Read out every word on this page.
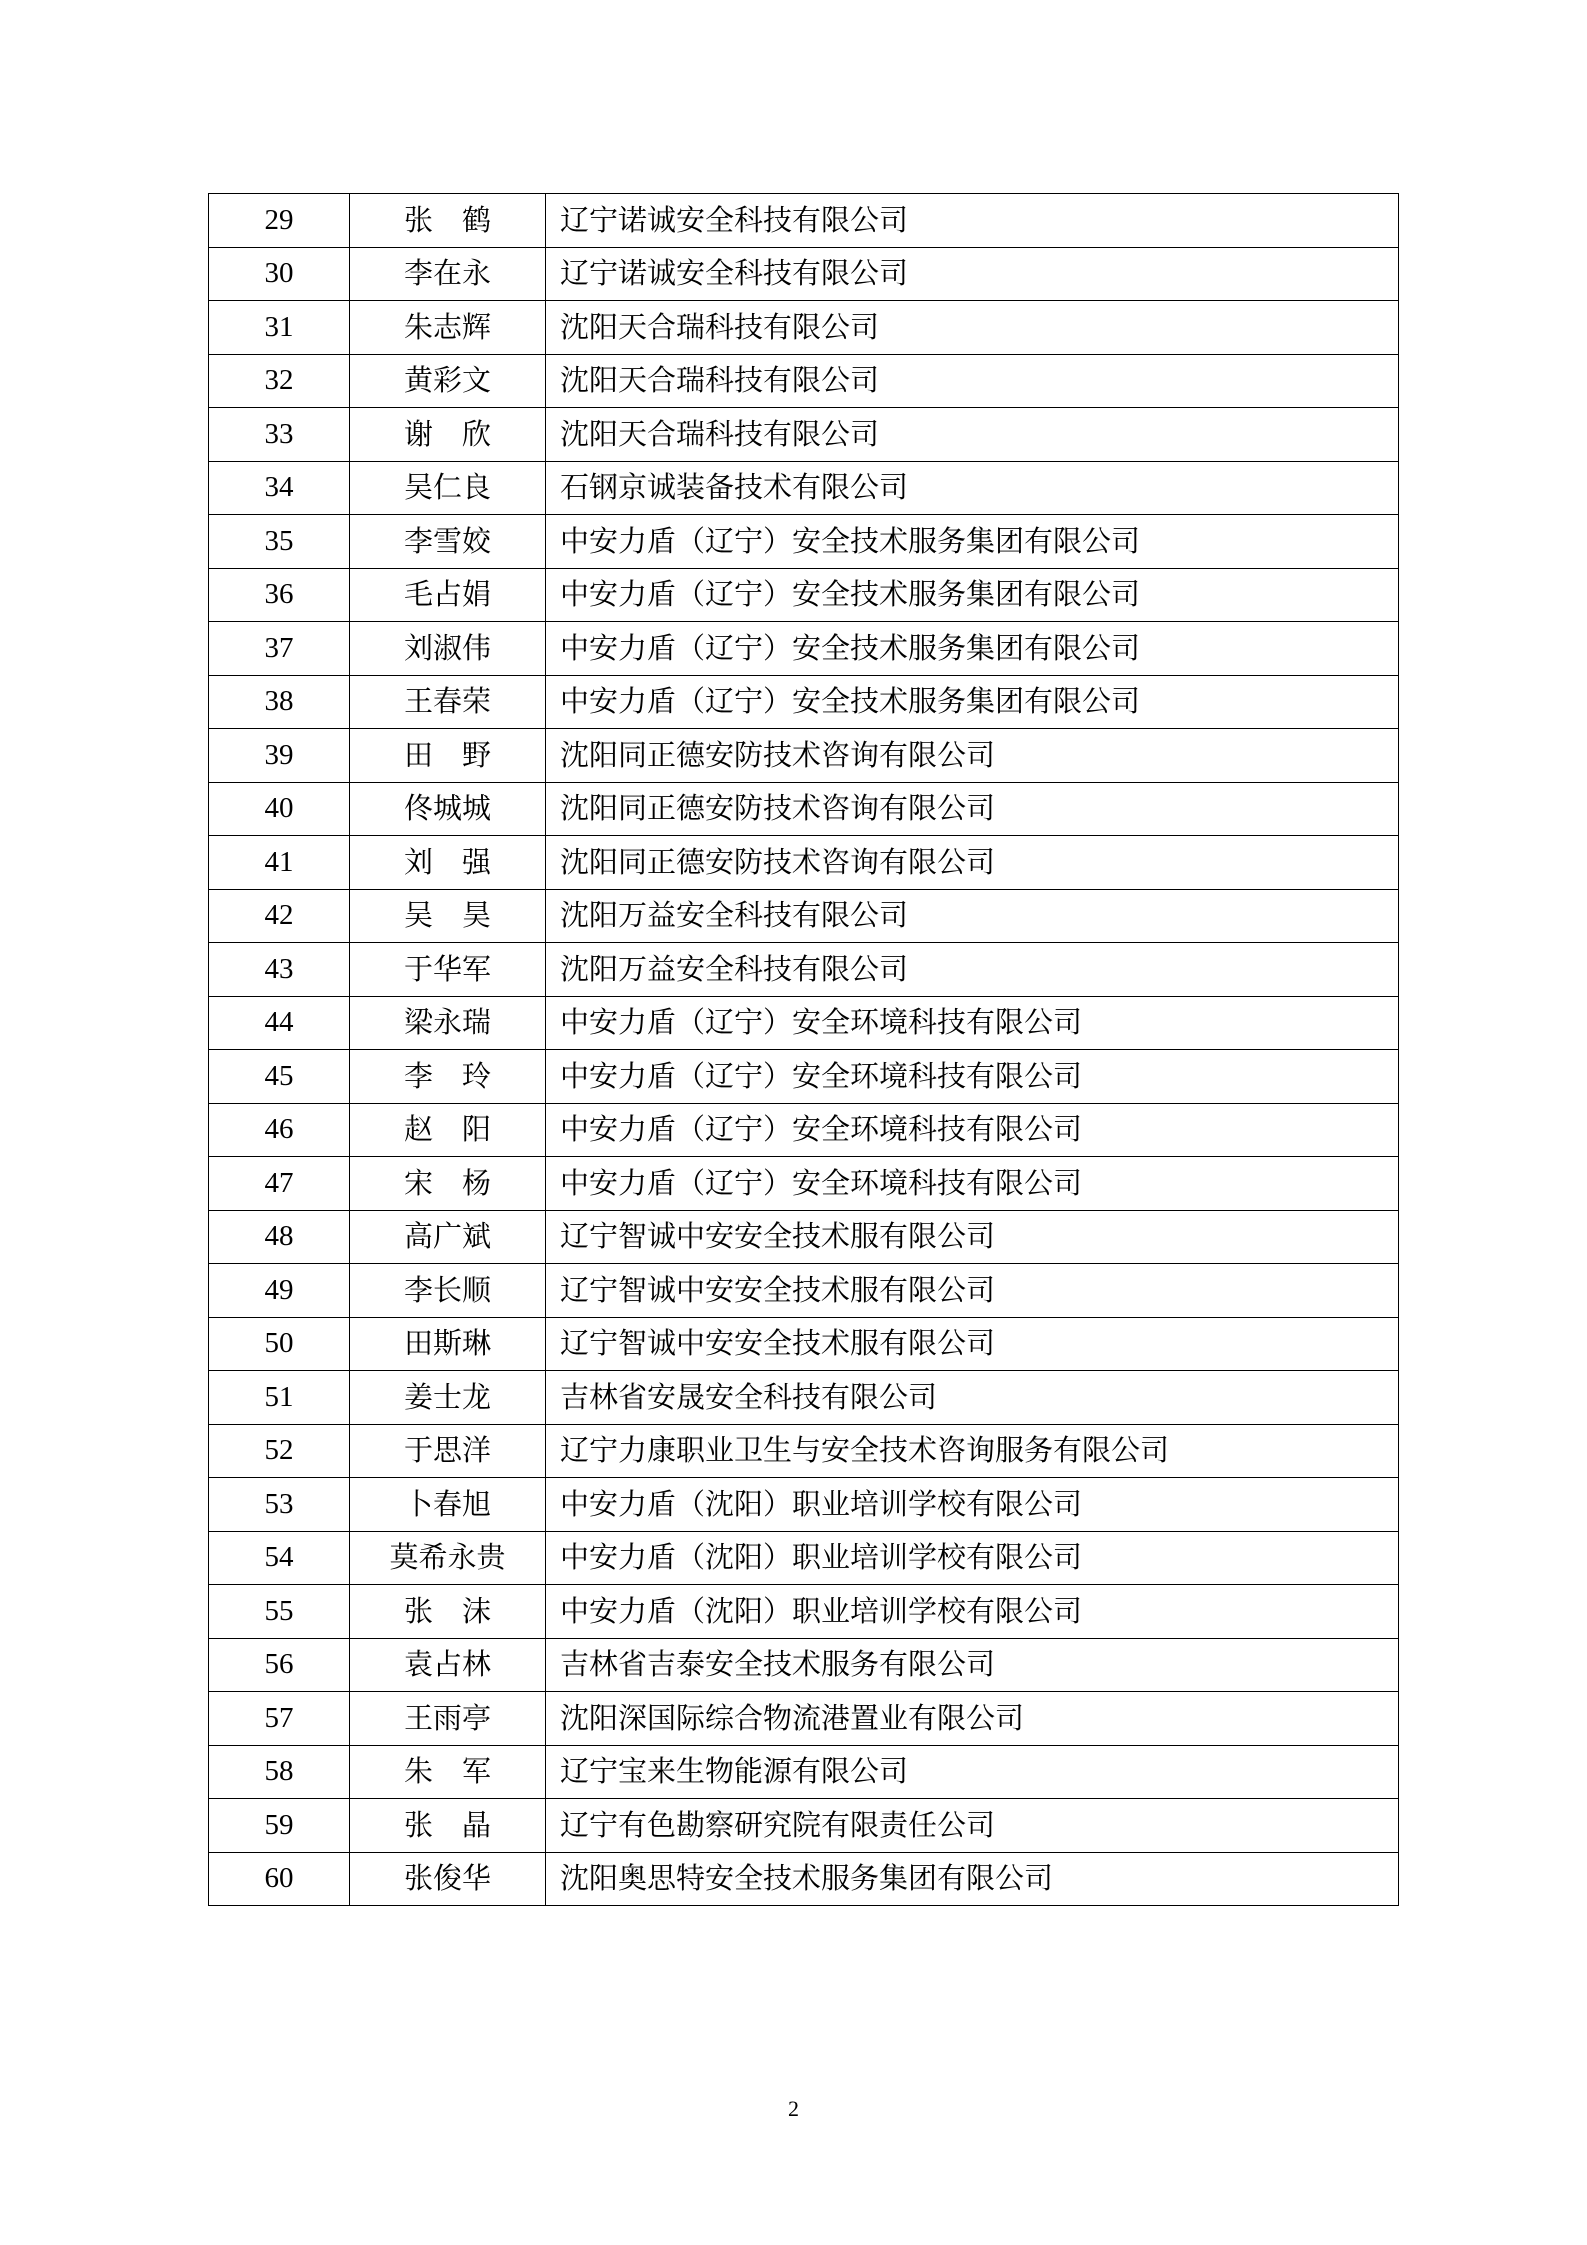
29	张　鹤	辽宁诺诚安全科技有限公司
30	李在永	辽宁诺诚安全科技有限公司
31	朱志辉	沈阳天合瑞科技有限公司
32	黄彩文	沈阳天合瑞科技有限公司
33	谢　欣	沈阳天合瑞科技有限公司
34	吴仁良	石钢京诚装备技术有限公司
35	李雪姣	中安力盾（辽宁）安全技术服务集团有限公司
36	毛占娟	中安力盾（辽宁）安全技术服务集团有限公司
37	刘淑伟	中安力盾（辽宁）安全技术服务集团有限公司
38	王春荣	中安力盾（辽宁）安全技术服务集团有限公司
39	田　野	沈阳同正德安防技术咨询有限公司
40	佟城城	沈阳同正德安防技术咨询有限公司
41	刘　强	沈阳同正德安防技术咨询有限公司
42	吴　昊	沈阳万益安全科技有限公司
43	于华军	沈阳万益安全科技有限公司
44	梁永瑞	中安力盾（辽宁）安全环境科技有限公司
45	李　玲	中安力盾（辽宁）安全环境科技有限公司
46	赵　阳	中安力盾（辽宁）安全环境科技有限公司
47	宋　杨	中安力盾（辽宁）安全环境科技有限公司
48	高广斌	辽宁智诚中安安全技术服有限公司
49	李长顺	辽宁智诚中安安全技术服有限公司
50	田斯琳	辽宁智诚中安安全技术服有限公司
51	姜士龙	吉林省安晟安全科技有限公司
52	于思洋	辽宁力康职业卫生与安全技术咨询服务有限公司
53	卜春旭	中安力盾（沈阳）职业培训学校有限公司
54	莫希永贵	中安力盾（沈阳）职业培训学校有限公司
55	张　沫	中安力盾（沈阳）职业培训学校有限公司
56	袁占林	吉林省吉泰安全技术服务有限公司
57	王雨亭	沈阳深国际综合物流港置业有限公司
58	朱　军	辽宁宝来生物能源有限公司
59	张　晶	辽宁有色勘察研究院有限责任公司
60	张俊华	沈阳奥思特安全技术服务集团有限公司
2
